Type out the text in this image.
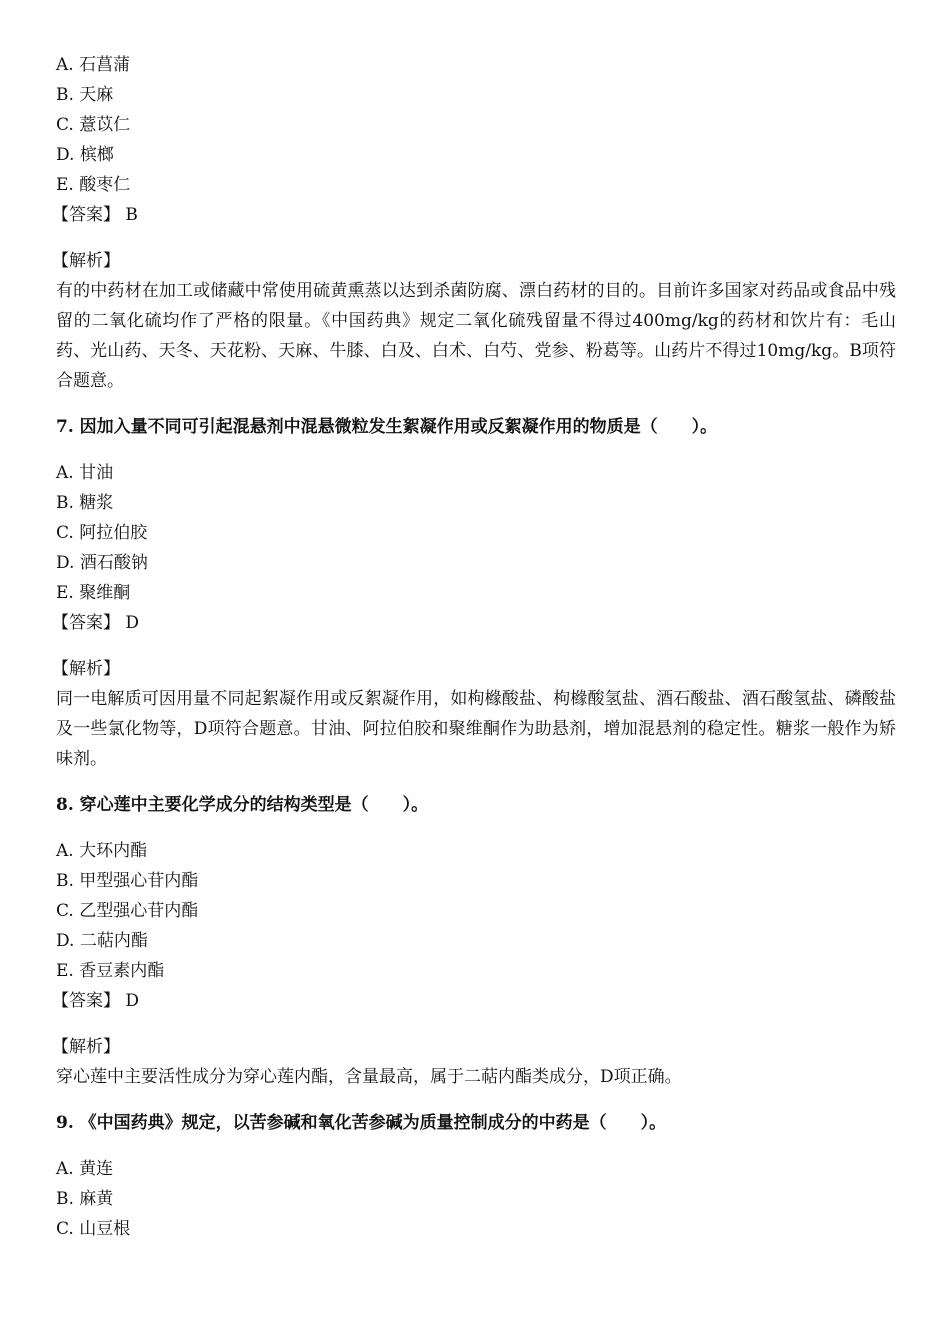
A. 石菖蒲
B. 天麻
C. 薏苡仁
D. 槟榔
E. 酸枣仁
【答案】 B
【解析】
有的中药材在加工或储藏中常使用硫黄熏蒸以达到杀菌防腐、漂白药材的目的。目前许多国家对药品或食品中残留的二氧化硫均作了严格的限量。《中国药典》规定二氧化硫残留量不得过400mg/kg的药材和饮片有：毛山药、光山药、天冬、天花粉、天麻、牛膝、白及、白术、白芍、党参、粉葛等。山药片不得过10mg/kg。B项符合题意。
7. 因加入量不同可引起混悬剂中混悬微粒发生絮凝作用或反絮凝作用的物质是（　　）。
A. 甘油
B. 糖浆
C. 阿拉伯胶
D. 酒石酸钠
E. 聚维酮
【答案】 D
【解析】
同一电解质可因用量不同起絮凝作用或反絮凝作用，如枸橼酸盐、枸橼酸氢盐、酒石酸盐、酒石酸氢盐、磷酸盐及一些氯化物等，D项符合题意。甘油、阿拉伯胶和聚维酮作为助悬剂，增加混悬剂的稳定性。糖浆一般作为矫味剂。
8. 穿心莲中主要化学成分的结构类型是（　　）。
A. 大环内酯
B. 甲型强心苷内酯
C. 乙型强心苷内酯
D. 二萜内酯
E. 香豆素内酯
【答案】 D
【解析】
穿心莲中主要活性成分为穿心莲内酯，含量最高，属于二萜内酯类成分，D项正确。
9. 《中国药典》规定，以苦参碱和氧化苦参碱为质量控制成分的中药是（　　）。
A. 黄连
B. 麻黄
C. 山豆根
